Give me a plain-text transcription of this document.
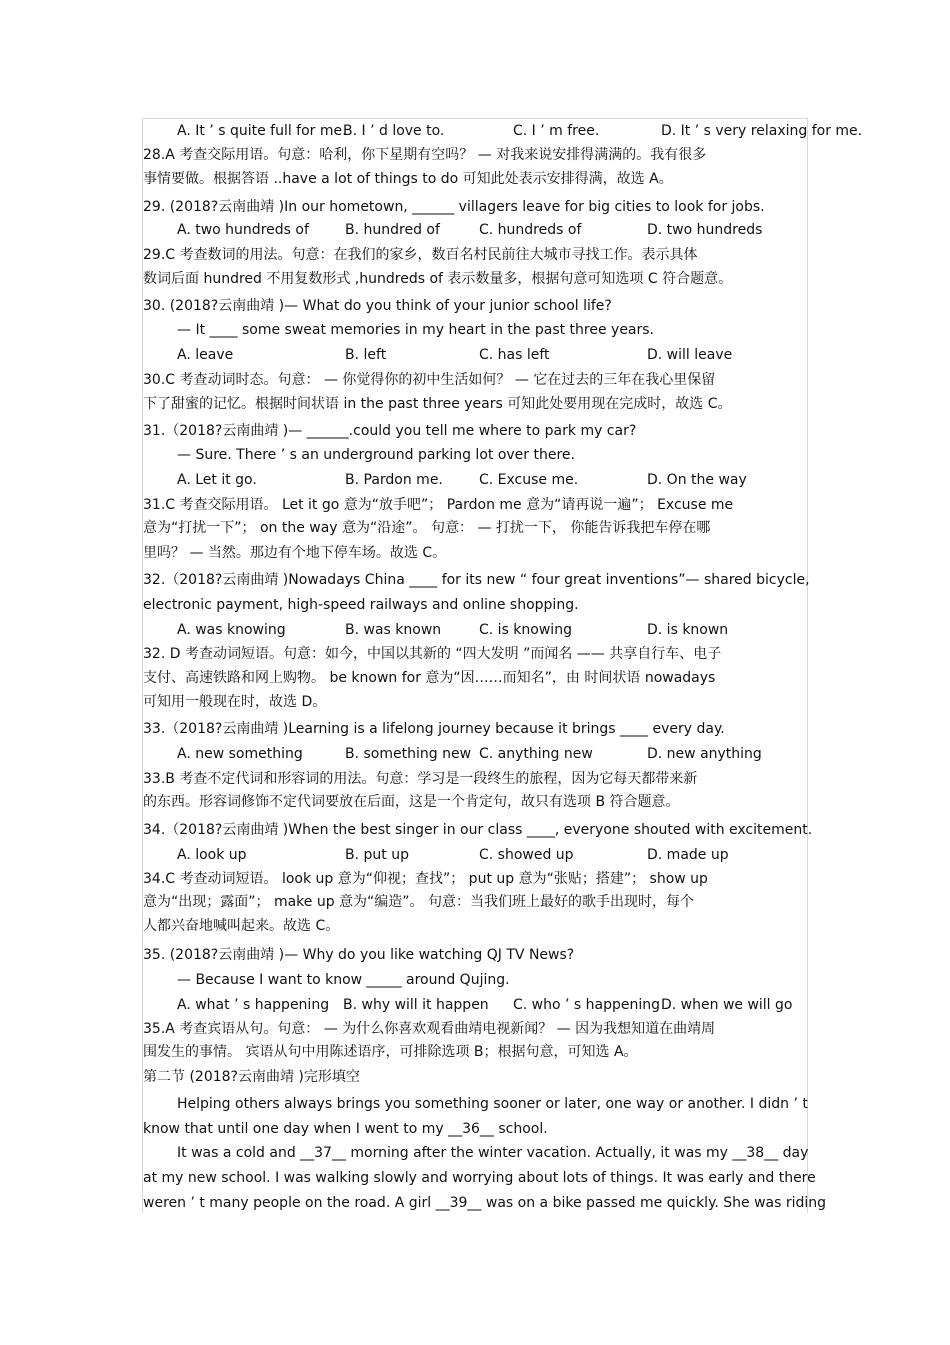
A. It ’ s quite full for me.
B. I ’ d love to.	C. I ’ m free.	D. It ’ s very relaxing for me.
28.A 考查交际用语。句意：哈利，你下星期有空吗？ — 对我来说安排得满满的。我有很多
事情要做。根据答语 ..have a lot of things to do 可知此处表示安排得满，故选 A。
29. (2018?云南曲靖 )In our hometown, ______ villagers leave for big cities to look for jobs.
A. two hundreds of	B. hundred of	C. hundreds of	D. two hundreds
29.C 考查数词的用法。句意：在我们的家乡，数百名村民前往大城市寻找工作。表示具体
数词后面 hundred 不用复数形式 ,hundreds of 表示数量多，根据句意可知选项 C 符合题意。
30. (2018?云南曲靖 )— What do you think of your junior school life?
— It ____ some sweat memories in my heart in the past three years.
A. leave	B. left	C. has left	D. will leave
30.C 考查动词时态。句意： — 你觉得你的初中生活如何？ — 它在过去的三年在我心里保留
下了甜蜜的记忆。根据时间状语 in the past three years 可知此处要用现在完成时，故选 C。
31.（2018?云南曲靖 )— ______.could you tell me where to park my car?
— Sure. There ’ s an underground parking lot over there.
A. Let it go.	B. Pardon me.	C. Excuse me.	D. On the way
31.C 考查交际用语。 Let it go 意为“放手吧”； Pardon me 意为“请再说一遍”； Excuse me
意为“打扰一下”； on the way 意为“沿途”。 句意： — 打扰一下， 你能告诉我把车停在哪
里吗？ — 当然。那边有个地下停车场。故选 C。
32.（2018?云南曲靖 )Nowadays China ____ for its new “ four great inventions”— shared bicycle,
electronic payment, high-speed railways and online shopping.
A. was knowing	B. was known	C. is knowing	D. is known
32. D 考查动词短语。句意：如今，中国以其新的 “四大发明 ”而闻名 —— 共享自行车、电子
支付、高速铁路和网上购物。 be known for 意为“因……而知名”，由 时间状语 nowadays
可知用一般现在时，故选 D。
33.（2018?云南曲靖 )Learning is a lifelong journey because it brings ____ every day.
A. new something	B. something new C. anything new	D. new anything
33.B 考查不定代词和形容词的用法。句意：学习是一段终生的旅程，因为它每天都带来新
的东西。形容词修饰不定代词要放在后面，这是一个肯定句，故只有选项 B 符合题意。
34.（2018?云南曲靖 )When the best singer in our class ____, everyone shouted with excitement.
A. look up	B. put up	C. showed up	D. made up
34.C 考查动词短语。 look up 意为“仰视；查找”； put up 意为“张贴；搭建”； show up
意为“出现；露面”； make up 意为“编造”。 句意：当我们班上最好的歌手出现时，每个
人都兴奋地喊叫起来。故选 C。
35. (2018?云南曲靖 )— Why do you like watching QJ TV News?
— Because I want to know _____ around Qujing.
A. what ’ s happening B. why will it happen C. who ’ s happening D. when we will go
35.A 考查宾语从句。句意： — 为什么你喜欢观看曲靖电视新闻？ — 因为我想知道在曲靖周
围发生的事情。 宾语从句中用陈述语序，可排除选项 B；根据句意，可知选 A。
第二节 (2018?云南曲靖 )完形填空
Helping others always brings you something sooner or later, one way or another. I didn ’ t
know that until one day when I went to my __36__ school.
It was a cold and __37__ morning after the winter vacation. Actually, it was my __38__ day
at my new school. I was walking slowly and worrying about lots of things. It was early and there
weren ’ t many people on the road. A girl __39__ was on a bike passed me quickly. She was riding
